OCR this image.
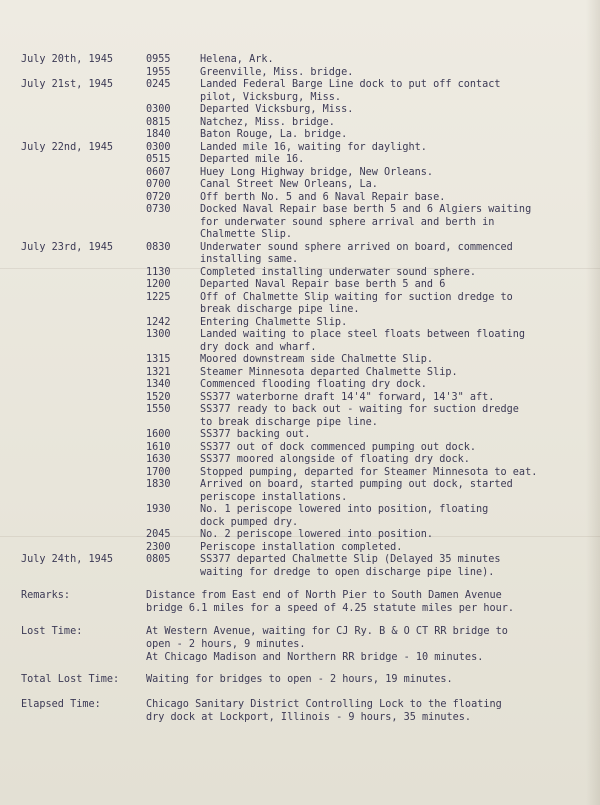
July 20th, 1945	0955	Helena, Ark.
1955	Greenville, Miss. bridge.
July 21st, 1945	0245	Landed Federal Barge Line dock to put off contact
pilot, Vicksburg, Miss.
0300	Departed Vicksburg, Miss.
0815	Natchez, Miss. bridge.
1840	Baton Rouge, La. bridge.
July 22nd, 1945	0300	Landed mile 16, waiting for daylight.
0515	Departed mile 16.
0607	Huey Long Highway bridge, New Orleans.
0700	Canal Street New Orleans, La.
0720	Off berth No. 5 and 6 Naval Repair base.
0730	Docked Naval Repair base berth 5 and 6 Algiers waiting
for underwater sound sphere arrival and berth in
Chalmette Slip.
July 23rd, 1945	0830	Underwater sound sphere arrived on board, commenced
installing same.
1130	Completed installing underwater sound sphere.
1200	Departed Naval Repair base berth 5 and 6
1225	Off of Chalmette Slip waiting for suction dredge to
break discharge pipe line.
1242	Entering Chalmette Slip.
1300	Landed waiting to place steel floats between floating
dry dock and wharf.
1315	Moored downstream side Chalmette Slip.
1321	Steamer Minnesota departed Chalmette Slip.
1340	Commenced flooding floating dry dock.
1520	SS377 waterborne draft 14'4" forward, 14'3" aft.
1550	SS377 ready to back out - waiting for suction dredge
to break discharge pipe line.
1600	SS377 backing out.
1610	SS377 out of dock commenced pumping out dock.
1630	SS377 moored alongside of floating dry dock.
1700	Stopped pumping, departed for Steamer Minnesota to eat.
1830	Arrived on board, started pumping out dock, started
periscope installations.
1930	No. 1 periscope lowered into position, floating
dock pumped dry.
2045	No. 2 periscope lowered into position.
2300	Periscope installation completed.
July 24th, 1945	0805	SS377 departed Chalmette Slip (Delayed 35 minutes
waiting for dredge to open discharge pipe line).
Remarks:	Distance from East end of North Pier to South Damen Avenue
bridge 6.1 miles for a speed of 4.25 statute miles per hour.
Lost Time:	At Western Avenue, waiting for CJ Ry. B & O CT RR bridge to
open - 2 hours, 9 minutes.
At Chicago Madison and Northern RR bridge - 10 minutes.
Total Lost Time:	Waiting for bridges to open - 2 hours, 19 minutes.
Elapsed Time:	Chicago Sanitary District Controlling Lock to the floating
dry dock at Lockport, Illinois - 9 hours, 35 minutes.
